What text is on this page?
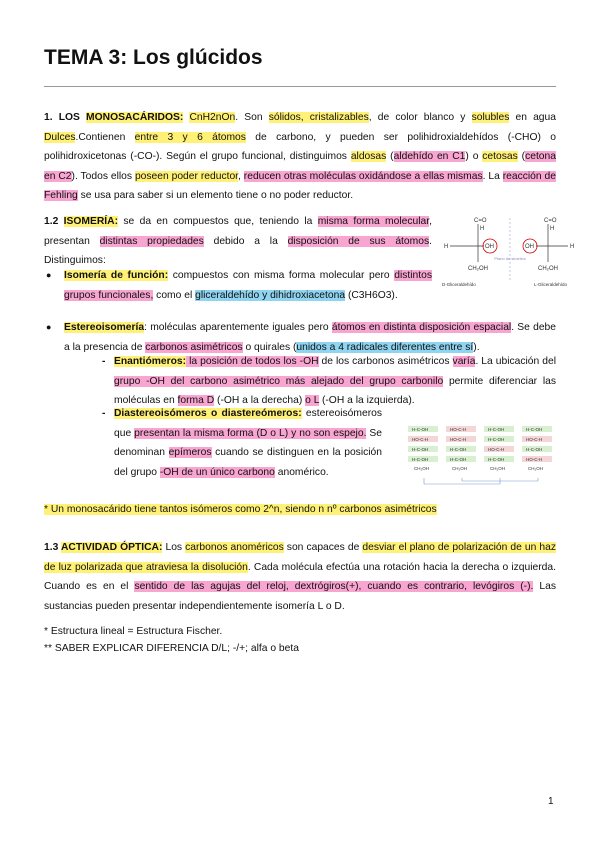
TEMA 3: Los glúcidos

1. LOS MONOSACÁRIDOS: CnH2nOn. Son sólidos, cristalizables, de color blanco y solubles en agua Dulces.Contienen entre 3 y 6 átomos de carbono, y pueden ser polihidroxialdehídos (-CHO) o polihidroxicetonas (-CO-). Según el grupo funcional, distinguimos aldosas (aldehído en C1) o cetosas (cetona en C2). Todos ellos poseen poder reductor, reducen otras moléculas oxidándose a ellas mismas. La reacción de Fehling se usa para saber si un elemento tiene o no poder reductor.

1.2 ISOMERÍA: se da en compuestos que, teniendo la misma forma molecular, presentan distintas propiedades debido a la disposición de sus átomos. Distinguimos:

● Isomería de función: compuestos con misma forma molecular pero distintos grupos funcionales, como el gliceraldehído y dihidroxiacetona (C3H6O3).
● Estereoisomería: moléculas aparentemente iguales pero átomos en distinta disposición espacial. Se debe a la presencia de carbonos asimétricos o quirales (unidos a 4 radicales diferentes entre sí).
- Enantiómeros: la posición de todos los -OH de los carbonos asimétricos varía. La ubicación del grupo -OH del carbono asimétrico más alejado del grupo carbonilo permite diferenciar las moléculas en forma D (-OH a la derecha) o L (-OH a la izquierda).
- Diastereoisómeros o diastereómeros: estereoisómeros que presentan la misma forma (D o L) y no son espejo. Se denominan epímeros cuando se distinguen en la posición del grupo -OH de un único carbono anomérico.
C=O
H
H	OH
CH₂OH
D-Gliceraldehído
Plano de simetría
C=O
H
OH	H
CH₂OH
L-Gliceraldehído
H-C-OH
HO-C-H
H-C-OH
H-C-OH
CH₂OH
HO-C-H
HO-C-H
H-C-OH
H-C-OH
CH₂OH
H-C-OH
H-C-OH
HO-C-H
H-C-OH
CH₂OH
H-C-OH
HO-C-H
H-C-OH
HO-C-H
CH₂OH

* Un monosacárido tiene tantos isómeros como 2^n, siendo n nº carbonos asimétricos

1.3 ACTIVIDAD ÓPTICA: Los carbonos anoméricos son capaces de desviar el plano de polarización de un haz de luz polarizada que atraviesa la disolución. Cada molécula efectúa una rotación hacia la derecha o izquierda. Cuando es en el sentido de las agujas del reloj, dextrógiros(+), cuando es contrario, levógiros (-). Las sustancias pueden presentar independientemente isomería L o D.

* Estructura lineal = Estructura Fischer.

** SABER EXPLICAR DIFERENCIA D/L; -/+; alfa o beta

1
